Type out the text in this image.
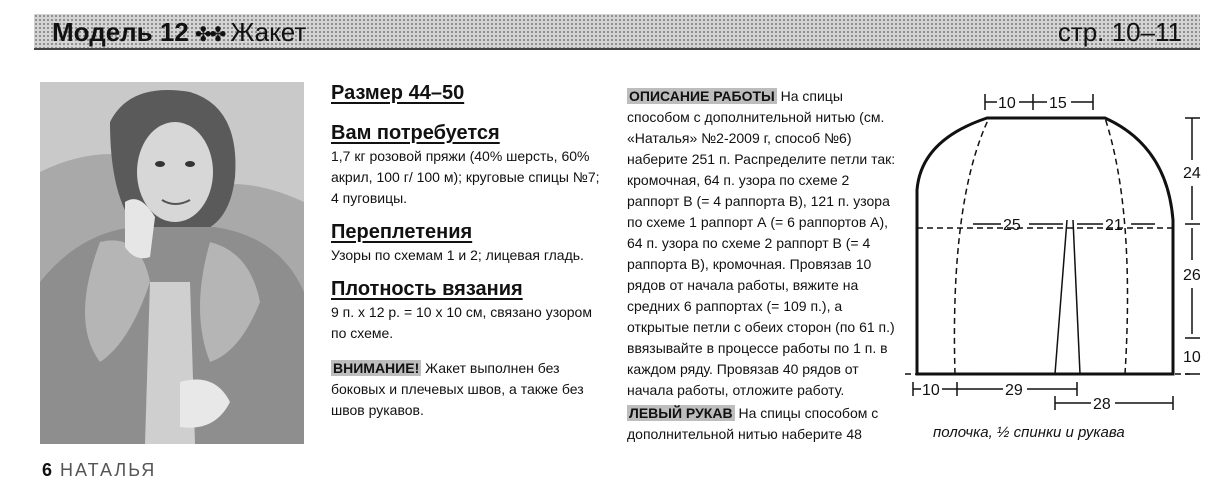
Модель 12 ✤✤ Жакет	стр. 10–11
Размер 44–50
Вам потребуется

1,7 кг розовой пряжи (40% шерсть, 60% акрил, 100 г/ 100 м); круговые спицы №7; 4 пуговицы.

Переплетения

Узоры по схемам 1 и 2; лицевая гладь.

Плотность вязания

9 п. x 12 р. = 10 x 10 см, связано узором по схеме.

ВНИМАНИЕ! Жакет выполнен без боковых и плечевых швов, а также без швов рукавов.

ОПИСАНИЕ РАБОТЫ На спицы способом с дополнительной нитью (см. «Наталья» №2-2009 г, способ №6) наберите 251 п. Распределите петли так: кромочная, 64 п. узора по схеме 2 раппорт В (= 4 раппорта В), 121 п. узора по схеме 1 раппорт А (= 6 раппортов А), 64 п. узора по схеме 2 раппорт В (= 4 раппорта В), кромочная. Провязав 10 рядов от начала работы, вяжите на средних 6 раппортах (= 109 п.), а открытые петли с обеих сторон (по 61 п.) ввязывайте в процессе работы по 1 п. в каждом ряду. Провязав 40 рядов от начала работы, отложите работу.

ЛЕВЫЙ РУКАВ На спицы способом с дополнительной нитью наберите 48

10 15
25	21
24
26
10
10	29
28
полочка, ½ спинки и рукава
6 НАТАЛЬЯ
